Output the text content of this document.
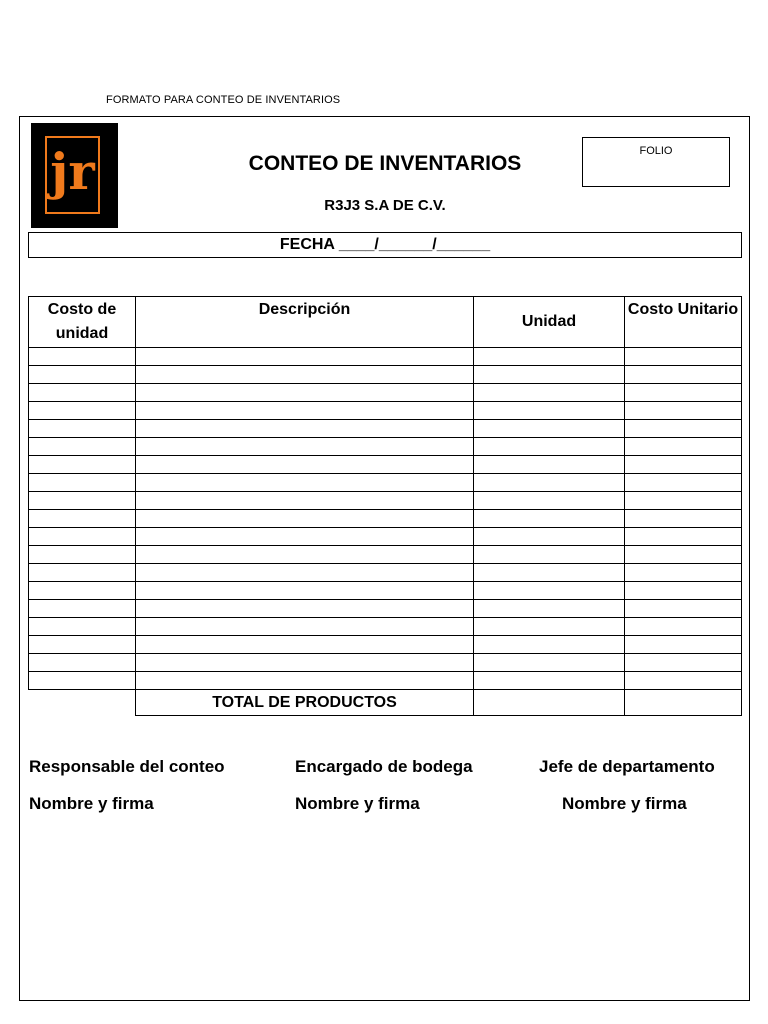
FORMATO PARA CONTEO DE INVENTARIOS
jr	CONTEO DE INVENTARIOS
R3J3 S.A DE C.V.
FOLIO
FECHA ____/______/______
Costo de unidad	Descripción	Unidad	Costo Unitario

	TOTAL DE PRODUCTOS		
Responsable del conteo	Encargado de bodega	Jefe de departamento
Nombre y firma	Nombre y firma	Nombre y firma
